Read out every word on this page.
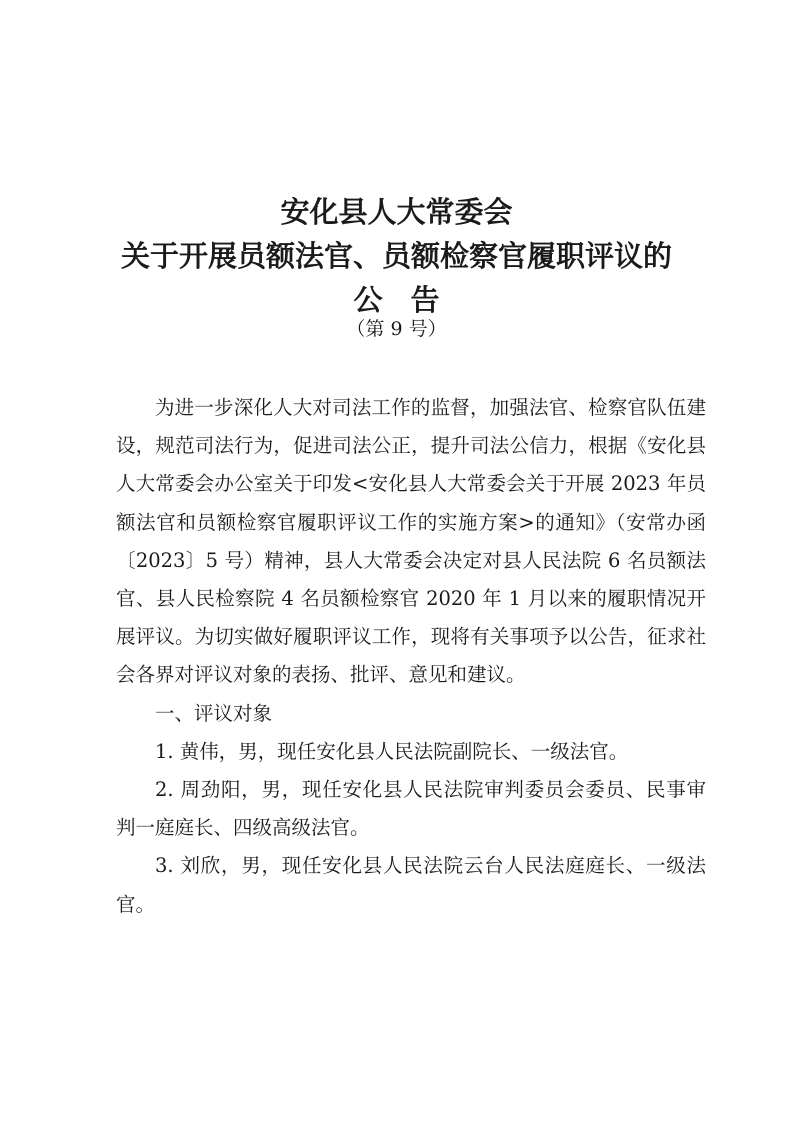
安化县人大常委会

关于开展员额法官、员额检察官履职评议的

公告

（第 9 号）

为进一步深化人大对司法工作的监督，加强法官、检察官队伍建设，规范司法行为，促进司法公正，提升司法公信力，根据《安化县人大常委会办公室关于印发<安化县人大常委会关于开展 2023 年员额法官和员额检察官履职评议工作的实施方案>的通知》（安常办函〔2023〕5 号）精神，县人大常委会决定对县人民法院 6 名员额法官、县人民检察院 4 名员额检察官 2020 年 1 月以来的履职情况开展评议。为切实做好履职评议工作，现将有关事项予以公告，征求社会各界对评议对象的表扬、批评、意见和建议。

一、评议对象

1. 黄伟，男，现任安化县人民法院副院长、一级法官。

2. 周劲阳，男，现任安化县人民法院审判委员会委员、民事审判一庭庭长、四级高级法官。

3. 刘欣，男，现任安化县人民法院云台人民法庭庭长、一级法官。
